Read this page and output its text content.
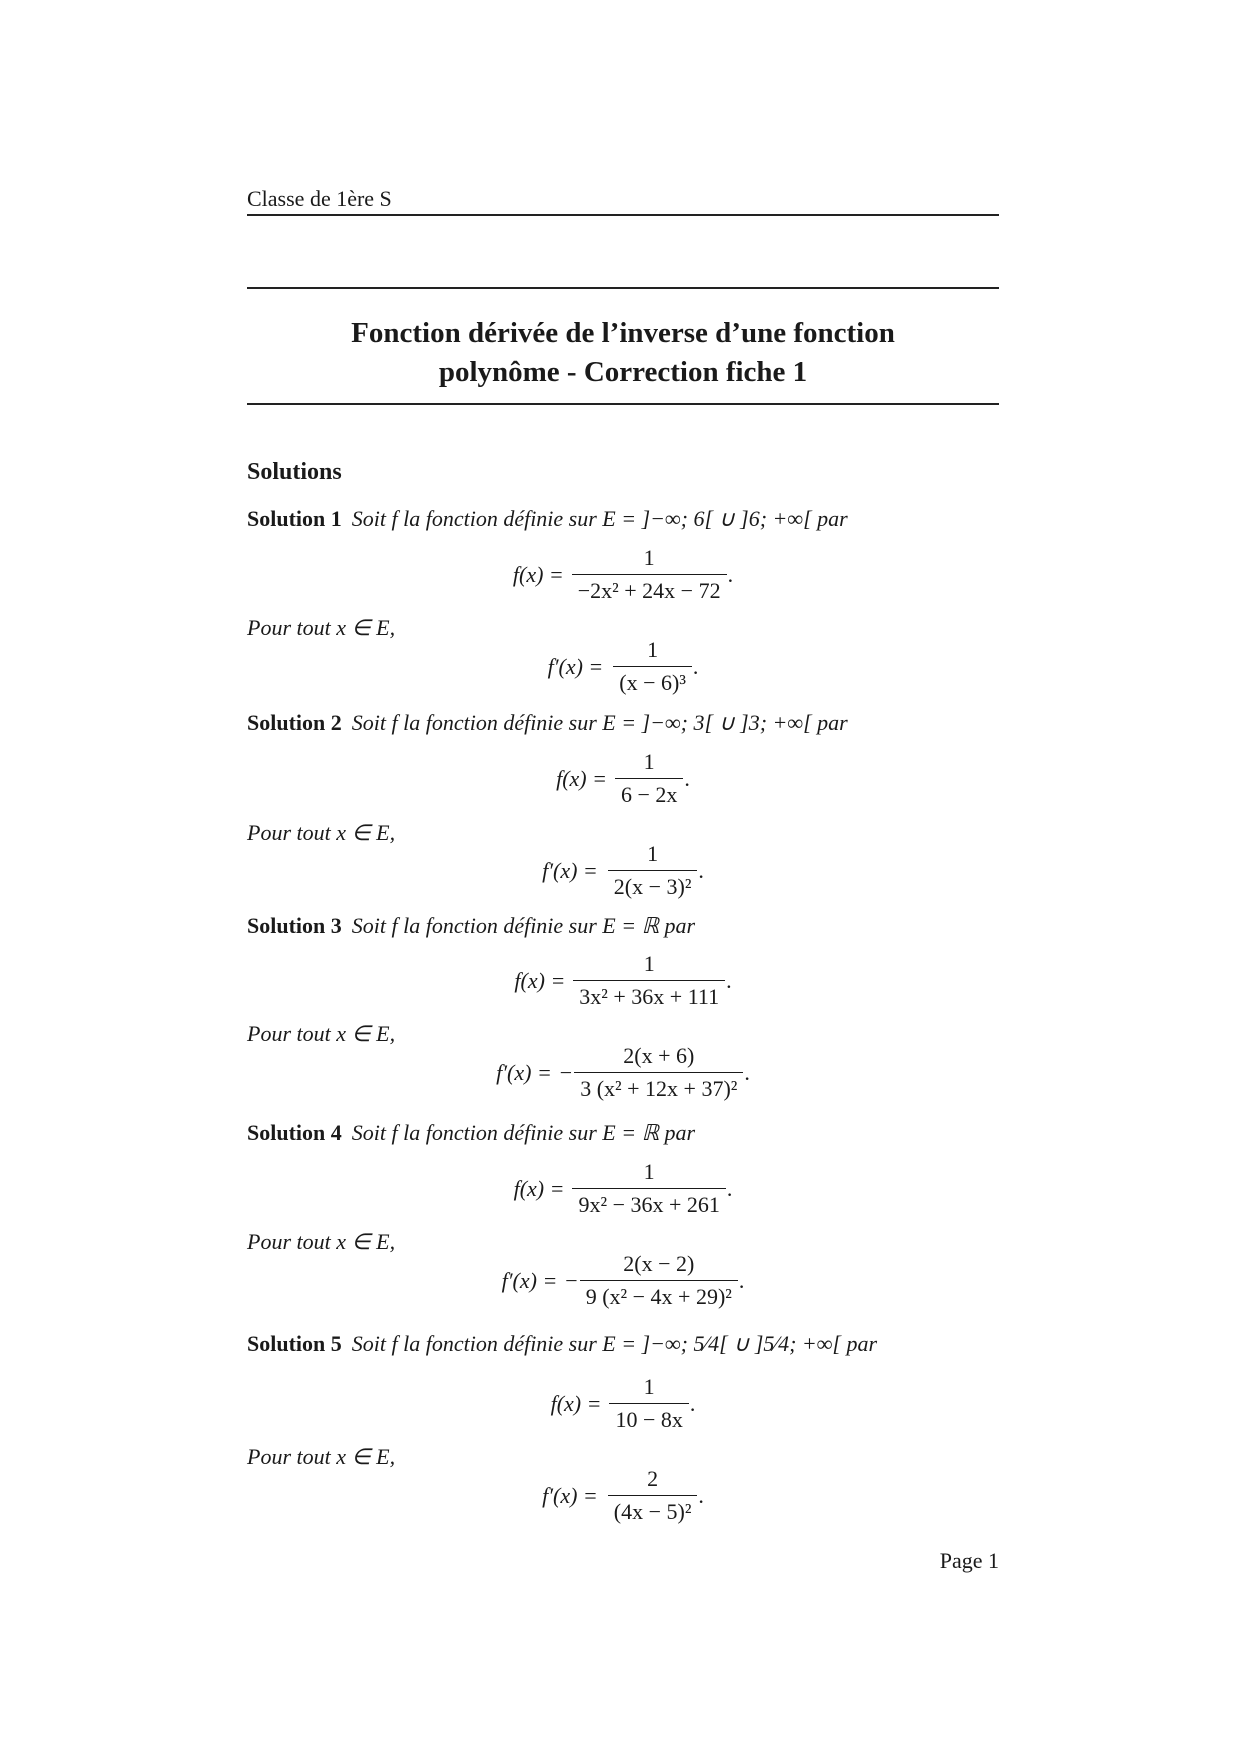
Classe de 1ère S
Fonction dérivée de l’inverse d’une fonction
polynôme - Correction fiche 1
Solutions
Solution 1 Soit f la fonction définie sur E = ]−∞; 6[ ∪ ]6; +∞[ par
$f(x) = \frac{1}{\text{−2x² + 24x − 72}}$ .
Pour tout x ∈ E,
$f'(x) = \frac{1}{\text{(x − 6)³}}$ .
Solution 2 Soit f la fonction définie sur E = ]−∞; 3[ ∪ ]3; +∞[ par
$f(x) = \frac{1}{6 - 2x}$ .
Pour tout x ∈ E,
$f'(x) = \frac{1}{\text{2(x − 3)²}}$ .
Solution 3 Soit f la fonction définie sur E = ℝ par
$f(x) = \frac{1}{\text{3x² + 36x + 111}}$ .
Pour tout x ∈ E,
f′(x) = − $\frac{2(x + 6)}{\text{3 (x² + 12x + 37)²}}$ .
Solution 4 Soit f la fonction définie sur E = ℝ par
$f(x) = \frac{1}{\text{9x² − 36x + 261}}$ .
Pour tout x ∈ E,
f′(x) = − $\frac{2(x - 2)}{\text{9 (x² − 4x + 29)²}}$ .
Solution 5 Soit f la fonction définie sur E = ]−∞; 5⁄4[ ∪ ]5⁄4; +∞[ par
$f(x) = \frac{1}{10 - 8x}$ .
Pour tout x ∈ E,
$f'(x) = \frac{2}{\text{(4x − 5)²}}$ .
Page 1
